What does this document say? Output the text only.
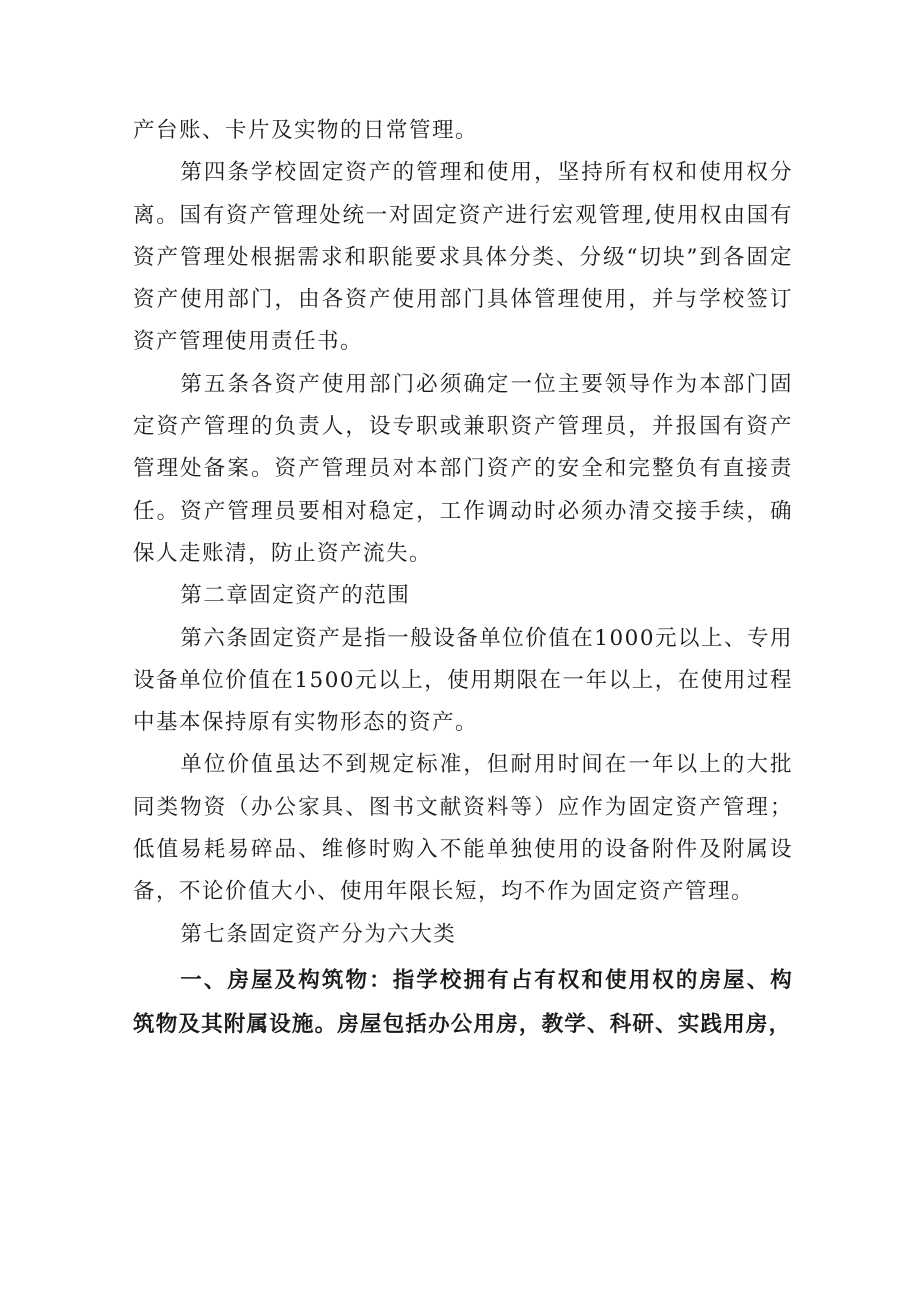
产台账、卡片及实物的日常管理。

第四条学校固定资产的管理和使用，坚持所有权和使用权分离。国有资产管理处统一对固定资产进行宏观管理,使用权由国有资产管理处根据需求和职能要求具体分类、分级“切块”到各固定资产使用部门，由各资产使用部门具体管理使用，并与学校签订资产管理使用责任书。

第五条各资产使用部门必须确定一位主要领导作为本部门固定资产管理的负责人，设专职或兼职资产管理员，并报国有资产管理处备案。资产管理员对本部门资产的安全和完整负有直接责任。资产管理员要相对稳定，工作调动时必须办清交接手续，确保人走账清，防止资产流失。

第二章固定资产的范围

第六条固定资产是指一般设备单位价值在1000元以上、专用设备单位价值在1500元以上，使用期限在一年以上，在使用过程中基本保持原有实物形态的资产。

单位价值虽达不到规定标准，但耐用时间在一年以上的大批同类物资（办公家具、图书文献资料等）应作为固定资产管理；低值易耗易碎品、维修时购入不能单独使用的设备附件及附属设备，不论价值大小、使用年限长短，均不作为固定资产管理。

第七条固定资产分为六大类

一、房屋及构筑物：指学校拥有占有权和使用权的房屋、构筑物及其附属设施。房屋包括办公用房，教学、科研、实践用房，
